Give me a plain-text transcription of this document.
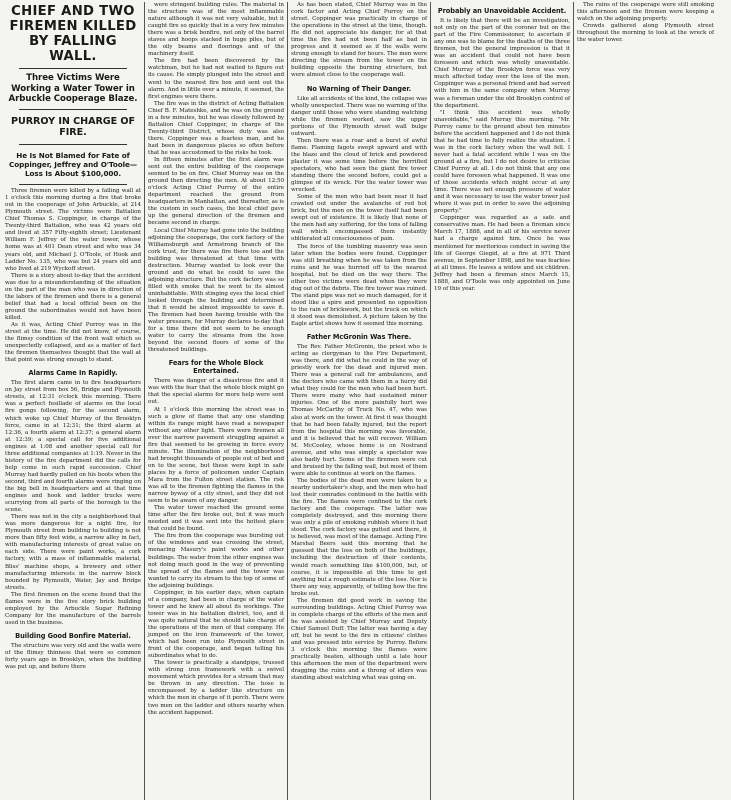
CHIEF AND TWO FIREMEN KILLED BY FALLING WALL.
Three Victims Were Working a Water Tower in Arbuckle Cooperage Blaze.
PURROY IN CHARGE OF FIRE.
He Is Not Blamed for Fate of Coppinger, Jeffrey and O'Toole—Loss Is About $100,000.

Three firemen were killed by a falling wall at 1 o'clock this morning during a fire that broke out in the cooperage of John Arbuckle, at 214 Plymouth street. The victims were Battalion Chief Thomas S. Coppinger, in charge of the Twenty-third Battalion, who was 42 years old and lived at 357 Fifty-eighth street; Lieutenant William F. Jeffrey of the water tower, whose home was at 401 Dean street and who was 34 years old, and Michael J. O'Toole, of Hook and Ladder No. 135, who was but 24 years old and who lived at 219 Wyckoff street.

There is a story about to-day that the accident was due to a misunderstanding of the situation on the part of the man who was in direction of the labors of the firemen and there is a general belief that had a local official been on the ground the subordinates would not have been killed.

As it was, Acting Chief Purroy was in the street at the time. He did not know, of course, the flimsy condition of the front wall which so unexpectedly collapsed, and as a matter of fact the firemen themselves thought that the wall at that point was strong enough to stand.

Alarms Came In Rapidly.

The first alarm came in to fire headquarters on Jay street from box 56, Bridge and Plymouth streets, at 12:31 o'clock this morning. There was a perfect fusillade of alarms on the local fire gongs following, for the second alarm, which woke up Chief Murray of the Brooklyn force, came in at 12:31; the third alarm at 12:36, a fourth alarm at 12:37; a general alarm at 12:39; a special call for five additional engines at 1:08 and another special call for three additional companies at 1:19. Never in the history of the fire department did the calls for help come in such rapid succession. Chief Murray had hardly pulled on his boots when the second, third and fourth alarms were ringing on the big bell in headquarters and at that time engines and hook and ladder trucks were scurrying from all parts of the borough to the scene.

There was not in the city a neighborhood that was more dangerous for a night fire, for Plymouth street from building to building is not more than fifty feet wide, a narrow alley in fact, with manufacturing interests of great value on each side. There were paint works, a cork factory, with a mass of inflammable material, Bliss' machine shops, a brewery and other manufacturing interests in the narrow block bounded by Plymouth, Water, Jay and Bridge streets.

The first firemen on the scene found that the flames were in the five story brick building employed by the Arbuckle Sugar Refining Company for the manufacture of the barrels used in the business.

Building Good Bonfire Material.

The structure was very old and the walls were of the flimsy thinness that were so common forty years ago in Brooklyn, when the building was put up, and before there

were stringent building rules. The material in the structure was of the most inflammable nature although it was not very valuable, but it caught fire so quickly that in a very few minutes there was a brisk bonfire, not only of the barrel staves and hoops stacked in huge piles, but of the oily beams and floorings and of the machinery itself.

The fire had been discovered by the watchman, but he had not waited to figure out its cause. He simply plunged into the street and went to the nearest fire box and sent out the alarm. And in little over a minute, it seemed, the first engines were there.

The fire was in the district of Acting Battalion Chief B. F. Mateshke, and he was on the ground in a few minutes, but he was closely followed by Battalion Chief Coppinger, in charge of the Twenty-third District, whose duty was also there. Coppinger was a fearless man, and he had been in dangerous places so often before that he was accustomed to the risks he took.

In fifteen minutes after the first alarm was sent out the entire building of the cooperage seemed to be on fire. Chief Murray was on the ground then directing the men. At about 12:50 o'clock Acting Chief Purroy of the entire department reached the ground from headquarters in Manhattan, and thereafter, as is the custom in such cases, the local chief gave up the general direction of the firemen and became second in charge.

Local Chief Murray had gone into the building adjoining the cooperage, the cork factory of the Williamsburgh and Armstrong branch of the cork trust, for there was fire there too and the building was threatened at that time with destruction. Murray wanted to look over the ground and do what he could to save the adjoining structure. But the cork factory was so filled with smoke that he went to its almost uninhabitable. With stinging eyes the local chief looked through the building and determined that it would be almost impossible to save it. The firemen had been having trouble with the water pressure, for Murray declares to-day that for a time there did not seem to be enough water to carry the streams from the hose beyond the second floors of some of the threatened buildings.

Fears for the Whole Block Entertained.

There was danger of a disastrous fire and it was with the fear that the whole block might go that the special alarms for more help were sent out.

At 1 o'clock this morning the street was in such a glow of flame that any one standing within its range might have read a newspaper without any other light. There were firemen all over the narrow pavement struggling against a fire that seemed to be growing in force every minute. The illumination of the neighborhood had brought thousands of people out of bed and on to the scene, but these were kept in safe places by a force of policemen under Captain Mara from the Fulton street station. The risk was all to the firemen fighting the flames in the narrow byway of a city street, and they did not seem to be aware of any danger.

The water tower reached the ground some time after the fire broke out, but it was much needed and it was sent into the hottest place that could be found.

The fire from the cooperage was bursting out of the windows and was crossing the street, menacing Masury's paint works and other buildings. The water from the other engines was not doing much good in the way of preventing the spread of the flames and the tower was wanted to carry its stream to the top of some of the adjoining buildings.

Coppinger, in his earlier days, when captain of a company, had been in charge of the water tower and he knew all about its workings. The tower was in his battalion district, too, and it was quite natural that he should take charge of the operations of the men of that company. He jumped on the iron framework of the tower, which had been run into Plymouth street in front of the cooperage, and began telling his subordinates what to do.

The tower is practically a standpipe, trussed with strong iron framework with a swivel movement which provides for a stream that may be thrown in any direction. The hose is encompassed by a ladder like structure on which the men in charge of it perch. There were two men on the ladder and others nearby when the accident happened.

As has been stated, Chief Murray was in the cork factor and Acting Chief Purroy on the street. Coppinger was practically in charge of the operations in the street at the time, though. He did not appreciate his danger, for at that time the fire had not been half as bad in progress and it seemed as if the walls were strong enough to stand for hours. The men were directing the stream from the tower on the building opposite the burning structure, but were almost close to the cooperage wall.

No Warning of Their Danger.

Like all accidents of the kind, the collapse was wholly unexpected. There was no warning of the danger until those who were standing watching while the firemen worked, saw the upper portions of the Plymouth street wall bulge outward.

Then there was a roar and a burst of awful flame. Flaming fagots swept upward and with the blaze and the cloud of brick and powdered plaster it was some time before the horrified spectators, who had seen the giant fire tower standing there the second before, could get a glimpse of its wreck. For the water tower was wrecked.

Some of the men who had been near it had crawled out under the avalanche of red hot brick, but the men on the tower itself had been swept out of existence. It is likely that none of the men had any suffering, for the tons of falling wall which encompassed them instantly obliterated all consciousness of pain.

The force of the tumbling masonry was seen later when the bodies were found. Coppinger was still breathing when he was taken from the ruins and he was hurried off to the nearest hospital, but he died on the way there. The other two victims were dead when they were dug out of the debris. The fire tower was ruined. The stand pipe was not so much damaged, for it stood like a spire and presented no opposition to the rain of brickwork, but the truck on which it stood was demolished. A picture taken by the Eagle artist shows how it seemed this morning.

Father McGronin Was There.

The Rev. Father McGronin, the priest who is acting as clergyman to the Fire Department, was there, and did what he could in the way of priestly work for the dead and injured men. There was a general call for ambulances, and the doctors who came with them in a hurry did what they could for the men who had been hurt. There were many who had sustained minor injuries. One of the more painfully hurt was Thomas McCarthy of Truck No. 47, who was also at work on the tower. At first it was thought that he had been fatally injured, but the report from the hospital this morning was favorable, and it is believed that he will recover. William M. McCooley, whose home is on Nostrand avenue, and who was simply a spectator was also badly hurt. Some of the firemen were cut and bruised by the falling wall, but most of them were able to continue at work on the flames.

The bodies of the dead men were taken to a nearby undertaker's shop, and the men who had lost their comrades continued in the battle with the fire. The flames were confined to the cork factory and the cooperage. The latter was completely destroyed, and this morning there was only a pile of smoking rubbish where it had stood. The cork factory was gutted and there, it is believed, was most of the damage. Acting Fire Marshal Beers said this morning that he guessed that the loss on both of the buildings, including the destruction of their contents, would reach something like $100,000, but, of course, it is impossible at this time to get anything but a rough estimate of the loss. Nor is there any way, apparently, of telling how the fire broke out.

The firemen did good work in saving the surrounding buildings. Acting Chief Purroy was in complete charge of the efforts of the men and he was assisted by Chief Murray and Deputy Chief Samuel Duff. The latter was having a day off, but he went to the fire in citizens' clothes and was pressed into service by Purroy. Before 3 o'clock this morning the flames were practically beaten, although until a late hour this afternoon the men of the department were dragging the ruins and a throng of idlers was standing about watching what was going on.

Probably an Unavoidable Accident.

It is likely that there will be an investigation, not only on the part of the coroner but on the part of the Fire Commissioner, to ascertain if any one was to blame for the deaths of the three firemen, but the general impression is that it was an accident that could not have been foreseen and which was wholly unavoidable. Chief Murray of the Brooklyn force was very much affected today over the loss of the men. Coppinger was a personal friend and had served with him in the same company when Murray was a foreman under the old Brooklyn control of the department.

"I think this accident was wholly unavoidable," said Murray this morning. "Mr. Purroy came to the ground about ten minutes before the accident happened and I do not think that he had time to fully realize the situation. I was in the cork factory when the wall fell. I never had a fatal accident while I was on the ground at a fire, but I do not desire to criticise Chief Purroy at all. I do not think that any one could have foreseen what happened. It was one of those accidents which might occur at any time. There was not enough pressure of water and it was necessary to use the water tower just where it was put in order to save the adjoining property."

Coppinger was regarded as a safe and conservative man. He had been a fireman since March 17, 1888, and in all of his service never had a charge against him. Once he was mentioned for meritorious conduct in saving the life of George Giegid, at a fire at 971 Third avenue, in September 1898, and he was fearless at all times. He leaves a widow and six children. Jeffrey had been a fireman since March 15, 1888, and O'Toole was only appointed on June 19 of this year.

The ruins of the cooperage were still smoking this afternoon and the firemen were keeping a watch on the adjoining property.

Crowds gathered along Plymouth street throughout the morning to look at the wreck of the water tower.
